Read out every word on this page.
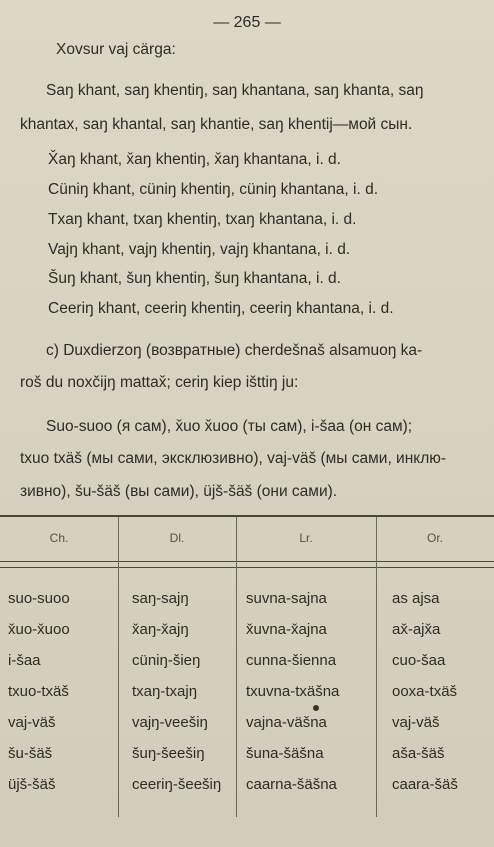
— 265 —
Xovsur vaj cärga:
Saŋ khant, saŋ khentiŋ, saŋ khantana, saŋ khanta, saŋ
khantax, saŋ khantal, saŋ khantie, saŋ khentij—мой сын.
X̌aŋ khant, x̌aŋ khentiŋ, x̌aŋ khantana, i. d.
Cüniŋ khant, cüniŋ khentiŋ, cüniŋ khantana, i. d.
Txaŋ khant, txaŋ khentiŋ, txaŋ khantana, i. d.
Vajŋ khant, vajŋ khentiŋ, vajŋ khantana, i. d.
Šuŋ khant, šuŋ khentiŋ, šuŋ khantana, i. d.
Ceeriŋ khant, ceeriŋ khentiŋ, ceeriŋ khantana, i. d.
c) Duxdierzoŋ (возвратные) cherdešnaš alsamuoŋ ka-
roš du noxčijŋ mattax̌; ceriŋ kiep išttiŋ ju:
Suo-suoo (я сам), x̌uo x̌uoo (ты сам), i-šaa (он сам);
txuo txäš (мы сами, эксклюзивно), vaj-väš (мы сами, инклю-
зивно), šu-šäš (вы сами), üjš-šäš (они сами).
Ch.	Dl.	Lr.	Or.
suo-suoo	saŋ-sajŋ	suvna-sajna	as ajsa
x̌uo-x̌uoo	x̌aŋ-x̌ajŋ	x̌uvna-x̌ajna	ax̌-ajx̌a
i-šaa	cüniŋ-šieŋ	cunna-šienna	cuo-šaa
txuo-txäš	txaŋ-txajŋ	txuvna-txäšna	ooxa-txäš
vaj-väš	vajŋ-veešiŋ	vajna-väšna	vaj-väš
šu-šäš	šuŋ-šeešiŋ	šuna-šäšna	aša-šäš
üjš-šäš	ceeriŋ-šeešiŋ caarna-šäšna	caara-šäš
